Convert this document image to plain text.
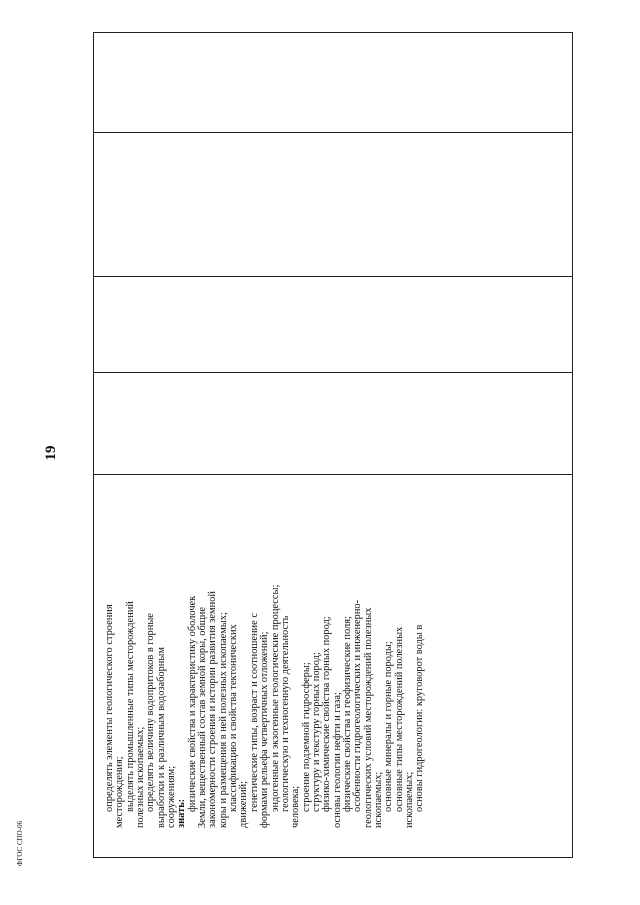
19
ФГОС СПО-06
определять элементы геологического строения месторождения; выделять промышленные типы месторождений полезных ископаемых; определять величину водопритоков в горные выработки и к различным водозаборным сооружениям; знать:
физические свойства и характеристику оболочек Земли, вещественный состав земной коры, общие закономерности строения и истории развития земной коры и размещения в ней полезных ископаемых; классификацию и свойства тектонических движений; генетические типы, возраст и соотношение с формами рельефа четвертичных отложений; эндогенные и экзогенные геологические процессы; геологическую и техногенную деятельность человека; строение подземной гидросферы; структуру и текстуру горных пород; физико-химические свойства горных пород; основы геологии нефти и газа; физические свойства и геофизические поля; особенности гидрогеологических и инженерно- геологических условий месторождений полезных ископаемых; основные минералы и горные породы; основные типы месторождений полезных ископаемых; основы гидрогеологии: круговорот воды в
